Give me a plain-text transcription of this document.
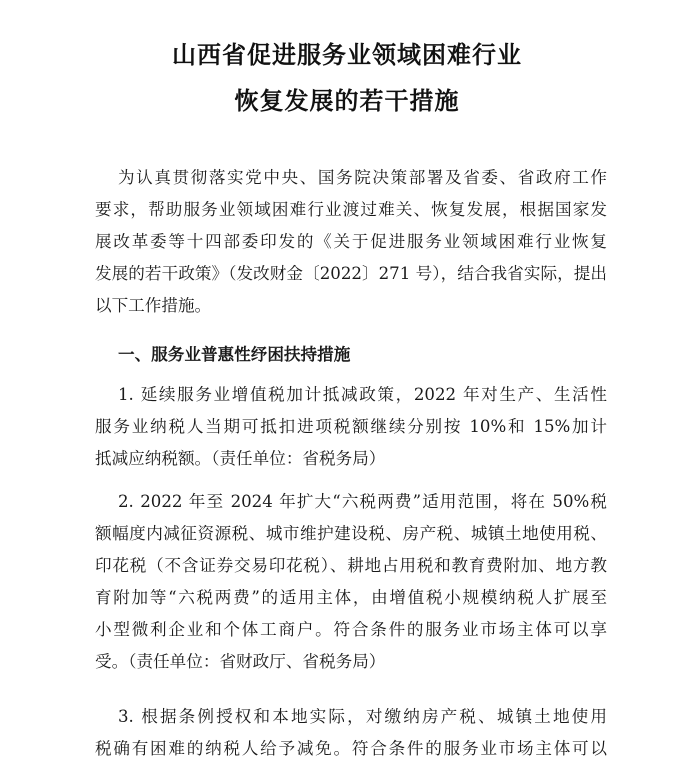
山西省促进服务业领域困难行业
恢复发展的若干措施

为认真贯彻落实党中央、国务院决策部署及省委、省政府工作

要求，帮助服务业领域困难行业渡过难关、恢复发展，根据国家发

展改革委等十四部委印发的《关于促进服务业领域困难行业恢复

发展的若干政策》（发改财金〔2022〕271 号），结合我省实际，提出

以下工作措施。

一、服务业普惠性纾困扶持措施

1. 延续服务业增值税加计抵减政策，2022 年对生产、生活性

服务业纳税人当期可抵扣进项税额继续分别按 10%和 15%加计

抵减应纳税额。（责任单位：省税务局）

2. 2022 年至 2024 年扩大“六税两费”适用范围，将在 50%税

额幅度内减征资源税、城市维护建设税、房产税、城镇土地使用税、

印花税（不含证券交易印花税）、耕地占用税和教育费附加、地方教

育附加等“六税两费”的适用主体，由增值税小规模纳税人扩展至

小型微利企业和个体工商户。符合条件的服务业市场主体可以享

受。（责任单位：省财政厅、省税务局）

3. 根据条例授权和本地实际，对缴纳房产税、城镇土地使用

税确有困难的纳税人给予减免。符合条件的服务业市场主体可以
